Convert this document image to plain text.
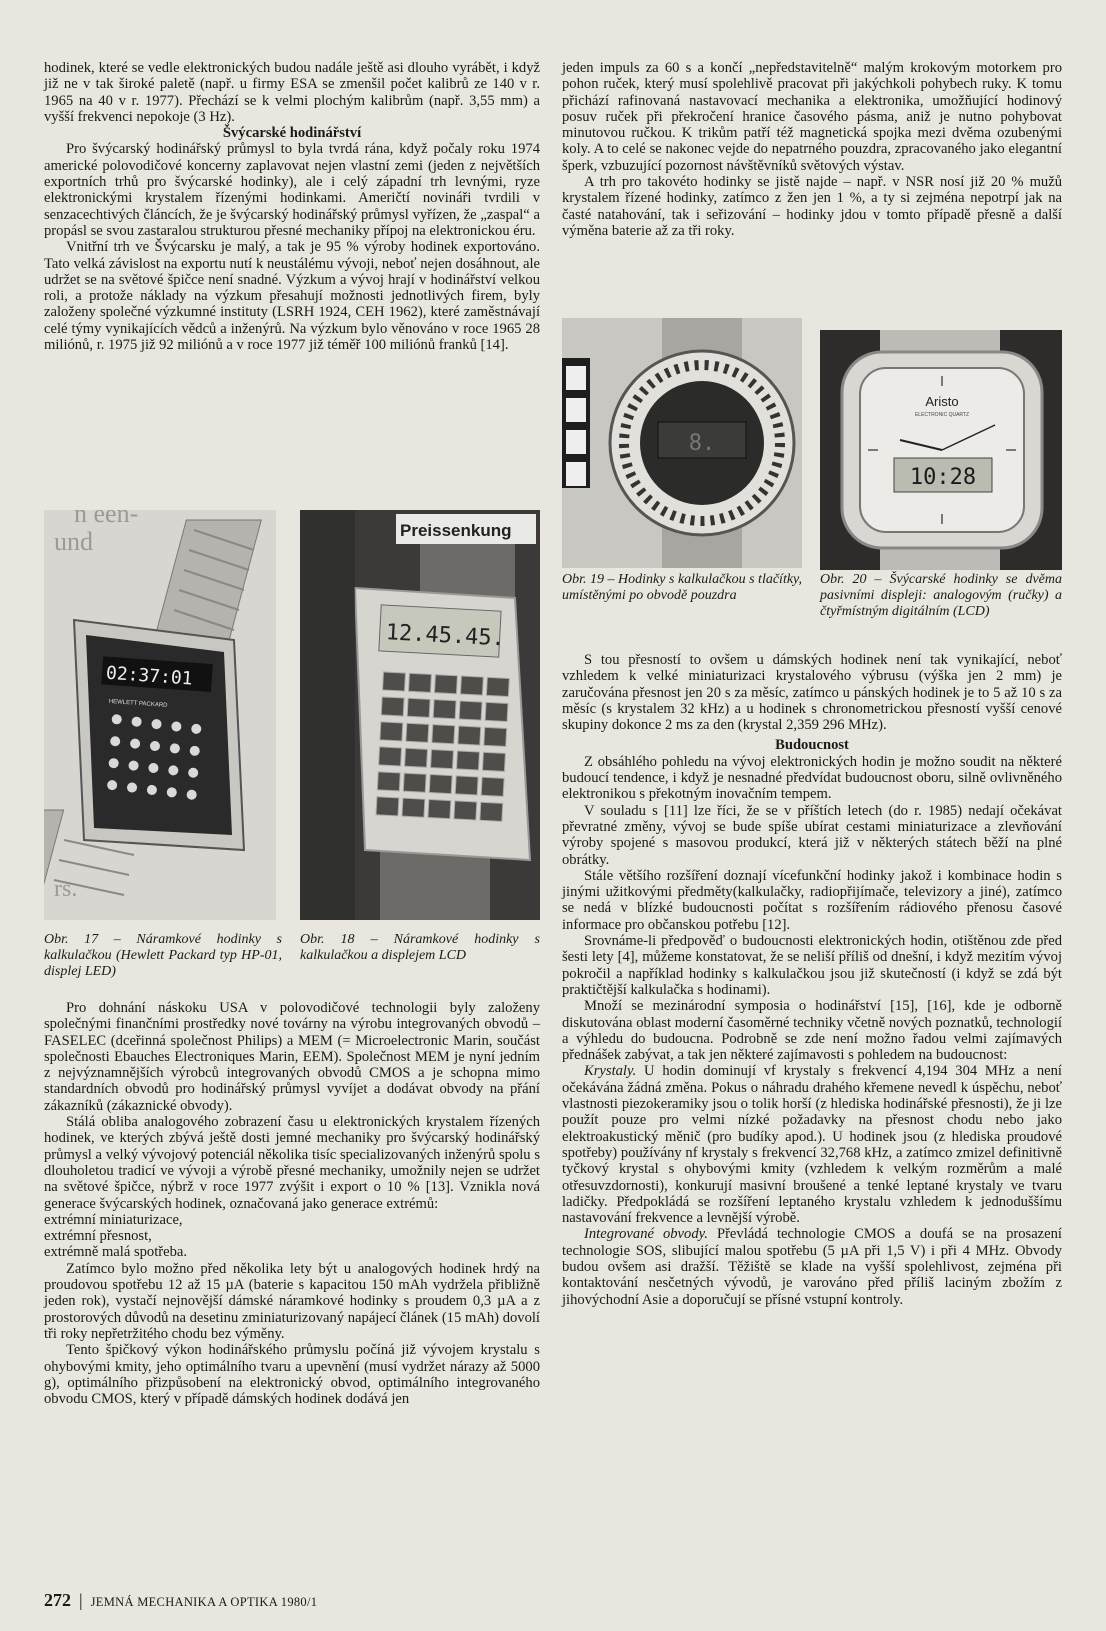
hodinek, které se vedle elektronických budou nadále ještě asi dlouho vyrábět, i když již ne v tak široké paletě (např. u firmy ESA se zmenšil počet kalibrů ze 140 v r. 1965 na 40 v r. 1977). Přechází se k velmi plochým kalibrům (např. 3,55 mm) a vyšší frekvenci nepokoje (3 Hz).

Švýcarské hodinářství

Pro švýcarský hodinářský průmysl to byla tvrdá rána, když počaly roku 1974 americké polovodičové koncerny zaplavovat nejen vlastní zemi (jeden z největších exportních trhů pro švýcarské hodinky), ale i celý západní trh levnými, ryze elektronickými krystalem řízenými hodinkami. Američtí novináři tvrdili v senzacechtivých článcích, že je švýcarský hodinářský průmysl vyřízen, že „zaspal“ a propásl se svou zastaralou strukturou přesné mechaniky přípoj na elektronickou éru.

Vnitřní trh ve Švýcarsku je malý, a tak je 95 % výroby hodinek exportováno. Tato velká závislost na exportu nutí k neustálému vývoji, neboť nejen dosáhnout, ale udržet se na světové špičce není snadné. Výzkum a vývoj hrají v hodinářství velkou roli, a protože náklady na výzkum přesahují možnosti jednotlivých firem, byly založeny společné výzkumné instituty (LSRH 1924, CEH 1962), které zaměstnávají celé týmy vynikajících vědců a inženýrů. Na výzkum bylo věnováno v roce 1965 28 miliónů, r. 1975 již 92 miliónů a v roce 1977 již téměř 100 miliónů franků [14].

n een-
und
rs.
02:37:01
HEWLETT PACKARD
Preissenkung
12.45.45.
Obr. 17 – Náramkové hodinky s kalkulačkou (Hewlett Packard typ HP-01, displej LED)
Obr. 18 – Náramkové hodinky s kalkulačkou a displejem LCD

Pro dohnání náskoku USA v polovodičové technologii byly založeny společnými finančními prostředky nové továrny na výrobu integrovaných obvodů – FASELEC (dceřinná společnost Philips) a MEM (= Microelectronic Marin, součást společnosti Ebauches Electroniques Marin, EEM). Společnost MEM je nyní jedním z nejvýznamnějších výrobců integrovaných obvodů CMOS a je schopna mimo standardních obvodů pro hodinářský průmysl vyvíjet a dodávat obvody na přání zákazníků (zákaznické obvody).

Stálá obliba analogového zobrazení času u elektronických krystalem řízených hodinek, ve kterých zbývá ještě dosti jemné mechaniky pro švýcarský hodinářský průmysl a velký vývojový potenciál několika tisíc specializovaných inženýrů spolu s dlouholetou tradicí ve vývoji a výrobě přesné mechaniky, umožnily nejen se udržet na světové špičce, nýbrž v roce 1977 zvýšit i export o 10 % [13]. Vznikla nová generace švýcarských hodinek, označovaná jako generace extrémů:

extrémní miniaturizace,

extrémní přesnost,

extrémně malá spotřeba.

Zatímco bylo možno před několika lety být u analogových hodinek hrdý na proudovou spotřebu 12 až 15 µA (baterie s kapacitou 150 mAh vydržela přibližně jeden rok), vystačí nejnovější dámské náramkové hodinky s proudem 0,3 µA a z prostorových důvodů na desetinu zminiaturizovaný napájecí článek (15 mAh) dovolí tři roky nepřetržitého chodu bez výměny.

Tento špičkový výkon hodinářského průmyslu počíná již vývojem krystalu s ohybovými kmity, jeho optimálního tvaru a upevnění (musí vydržet nárazy až 5000 g), optimálního přizpůsobení na elektronický obvod, optimálního integrovaného obvodu CMOS, který v případě dámských hodinek dodává jen

jeden impuls za 60 s a končí „nepředstavitelně“ malým krokovým motorkem pro pohon ruček, který musí spolehlivě pracovat při jakýchkoli pohybech ruky. K tomu přichází rafinovaná nastavovací mechanika a elektronika, umožňující hodinový posuv ruček při překročení hranice časového pásma, aniž je nutno pohybovat minutovou ručkou. K trikům patří též magnetická spojka mezi dvěma ozubenými koly. A to celé se nakonec vejde do nepatrného pouzdra, zpracovaného jako elegantní šperk, vzbuzující pozornost návštěvníků světových výstav.

A trh pro takovéto hodinky se jistě najde – např. v NSR nosí již 20 % mužů krystalem řízené hodinky, zatímco z žen jen 1 %, a ty si zejména nepotrpí jak na časté natahování, tak i seřizování – hodinky jdou v tomto případě přesně a další výměna baterie až za tři roky.

8.
Aristo
ELECTRONIC QUARTZ
10:28
Obr. 19 – Hodinky s kalkulačkou s tlačítky, umístěnými po obvodě pouzdra
Obr. 20 – Švýcarské hodinky se dvěma pasivními displeji: analogovým (ručky) a čtyřmístným digitálním (LCD)

S tou přesností to ovšem u dámských hodinek není tak vynikající, neboť vzhledem k velké miniaturizaci krystalového výbrusu (výška jen 2 mm) je zaručována přesnost jen 20 s za měsíc, zatímco u pánských hodinek je to 5 až 10 s za měsíc (s krystalem 32 kHz) a u hodinek s chronometrickou přesností vyšší cenové skupiny dokonce 2 ms za den (krystal 2,359 296 MHz).

Budoucnost

Z obsáhlého pohledu na vývoj elektronických hodin je možno soudit na některé budoucí tendence, i když je nesnadné předvídat budoucnost oboru, silně ovlivněného elektronikou s překotným inovačním tempem.

V souladu s [11] lze říci, že se v příštích letech (do r. 1985) nedají očekávat převratné změny, vývoj se bude spíše ubírat cestami miniaturizace a zlevňování výroby spojené s masovou produkcí, která již v některých státech běží na plné obrátky.

Stále většího rozšíření doznají vícefunkční hodinky jakož i kombinace hodin s jinými užitkovými předměty(kalkulačky, radiopřijímače, televizory a jiné), zatímco se nedá v blízké budoucnosti počítat s rozšířením rádiového přenosu časové informace pro občanskou potřebu [12].

Srovnáme-li předpověď o budoucnosti elektronických hodin, otištěnou zde před šesti lety [4], můžeme konstatovat, že se neliší příliš od dnešní, i když mezitím vývoj pokročil a například hodinky s kalkulačkou jsou již skutečností (i když se zdá být praktičtější kalkulačka s hodinami).

Množí se mezinárodní symposia o hodinářství [15], [16], kde je odborně diskutována oblast moderní časoměrné techniky včetně nových poznatků, technologií a výhledu do budoucna. Podrobně se zde není možno řadou velmi zajímavých přednášek zabývat, a tak jen některé zajímavosti s pohledem na budoucnost:

Krystaly. U hodin dominují vf krystaly s frekvencí 4,194 304 MHz a není očekávána žádná změna. Pokus o náhradu drahého křemene nevedl k úspěchu, neboť vlastnosti piezokeramiky jsou o tolik horší (z hlediska hodinářské přesnosti), že ji lze použít pouze pro velmi nízké požadavky na přesnost chodu nebo jako elektroakustický měnič (pro budíky apod.). U hodinek jsou (z hlediska proudové spotřeby) používány nf krystaly s frekvencí 32,768 kHz, a zatímco zmizel definitivně tyčkový krystal s ohybovými kmity (vzhledem k velkým rozměrům a malé otřesuvzdornosti), konkurují masivní broušené a tenké leptané krystaly ve tvaru ladičky. Předpokládá se rozšíření leptaného krystalu vzhledem k jednoduššímu nastavování frekvence a levnější výrobě.

Integrované obvody. Převládá technologie CMOS a doufá se na prosazení technologie SOS, slibující malou spotřebu (5 µA při 1,5 V) i při 4 MHz. Obvody budou ovšem asi dražší. Těžiště se klade na vyšší spolehlivost, zejména při kontaktování nesčetných vývodů, je varováno před příliš laciným zbožím z jihovýchodní Asie a doporučují se přísné vstupní kontroly.

272 | JEMNÁ MECHANIKA A OPTIKA 1980/1
